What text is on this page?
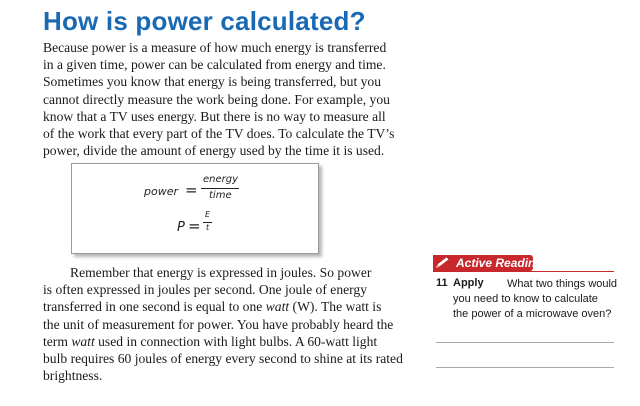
How is power calculated?
Because power is a measure of how much energy is transferred
in a given time, power can be calculated from energy and time.
Sometimes you know that energy is being transferred, but you
cannot directly measure the work being done. For example, you
know that a TV uses energy. But there is no way to measure all
of the work that every part of the TV does. To calculate the TV’s
power, divide the amount of energy used by the time it is used.
power =
energy
time
P =
E
t
Remember that energy is expressed in joules. So power
is often expressed in joules per second. One joule of energy
transferred in one second is equal to one watt (W). The watt is
the unit of measurement for power. You have probably heard the
term watt used in connection with light bulbs. A 60-watt light
bulb requires 60 joules of energy every second to shine at its rated
brightness.
Active Reading
11 Apply	What two things would
you need to know to calculate
the power of a microwave oven?
